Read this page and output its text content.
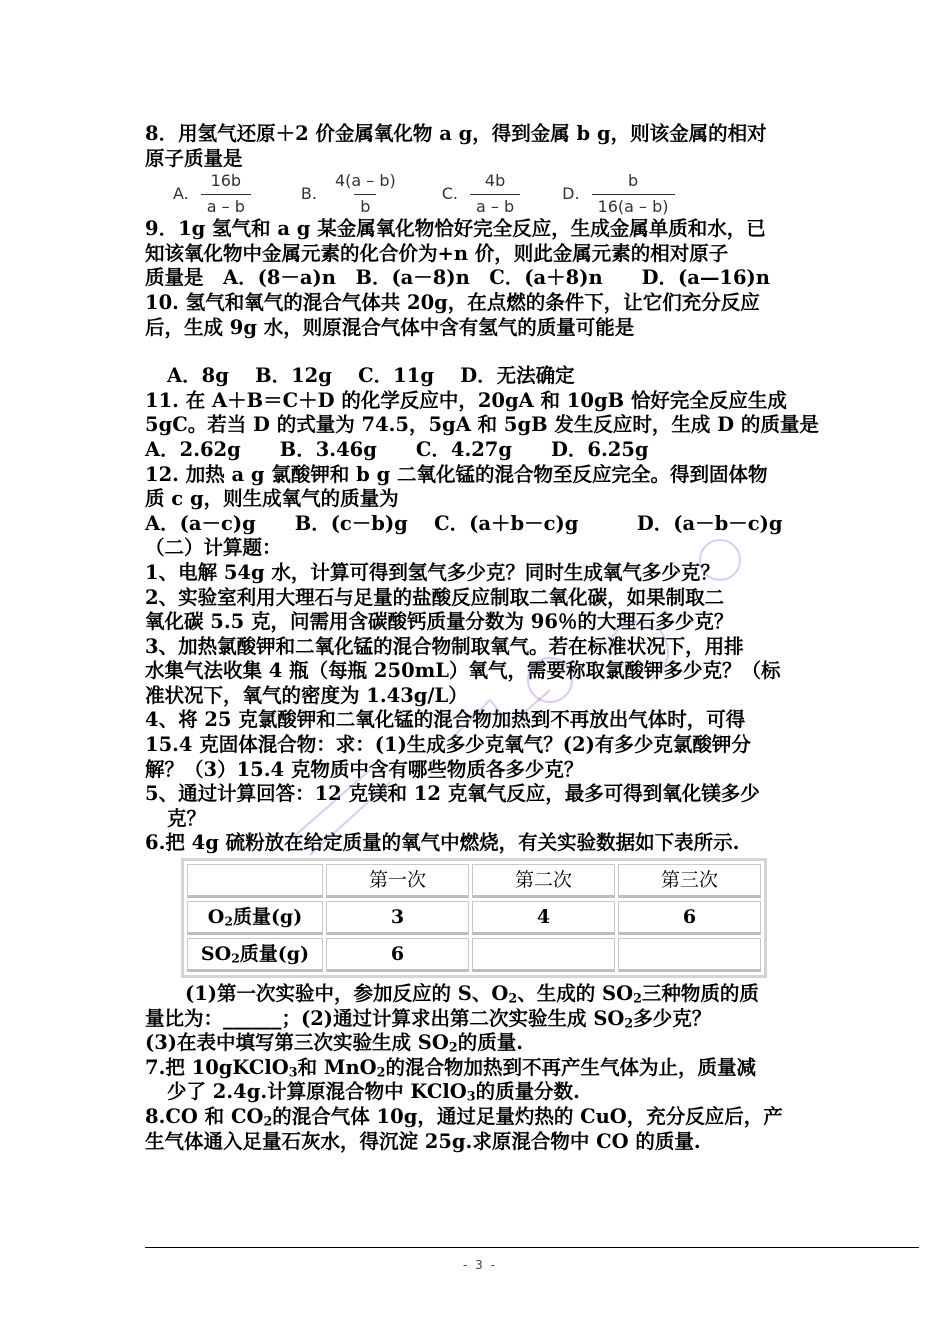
8．用氢气还原＋2 价金属氧化物 a g，得到金属 b g，则该金属的相对

原子质量是

A. $\frac{16b}{a - b}$	B. $\frac{4(a - b)}{b}$	C. $\frac{4b}{a - b}$	D. $\frac{b}{16(a - b)}$

9．1g 氢气和 a g 某金属氧化物恰好完全反应，生成金属单质和水，已

知该氧化物中金属元素的化合价为+n 价，则此金属元素的相对原子

质量是　A．(8－a)n　B．(a－8)n　C．(a＋8)n　　D．(a—16)n

10. 氢气和氧气的混合气体共 20g，在点燃的条件下，让它们充分反应

后，生成 9g 水，则原混合气体中含有氢气的质量可能是

A．8g　 B．12g　 C．11g　 D．无法确定

11. 在 A＋B＝C＋D 的化学反应中，20gA 和 10gB 恰好完全反应生成

5gC。若当 D 的式量为 74.5，5gA 和 5gB 发生反应时，生成 D 的质量是

A．2.62g　　B．3.46g　　C．4.27g　　D．6.25g

12. 加热 a g 氯酸钾和 b g 二氧化锰的混合物至反应完全。得到固体物

质 c g，则生成氧气的质量为

A．(a－c)g　　B．(c－b)g　 C．(a＋b－c)g　　　D．(a－b－c)g

（二）计算题：

1、电解 54g 水，计算可得到氢气多少克？同时生成氧气多少克？

2、实验室利用大理石与足量的盐酸反应制取二氧化碳，如果制取二

氧化碳 5.5 克，问需用含碳酸钙质量分数为 96％的大理石多少克？

3、加热氯酸钾和二氧化锰的混合物制取氧气。若在标准状况下，用排

水集气法收集 4 瓶（每瓶 250mL）氧气，需要称取氯酸钾多少克？（标

准状况下，氧气的密度为 1.43g/L）

4、将 25 克氯酸钾和二氧化锰的混合物加热到不再放出气体时，可得

15.4 克固体混合物：求：(1)生成多少克氧气？(2)有多少克氯酸钾分

解？（3）15.4 克物质中含有哪些物质各多少克？

5、通过计算回答：12 克镁和 12 克氧气反应，最多可得到氧化镁多少

克？

6.把 4g 硫粉放在给定质量的氧气中燃烧，有关实验数据如下表所示.

	第一次	第二次	第三次
$O_2$质量(g)	3	4	6
$SO_2$质量(g)	6		

(1)第一次实验中，参加反应的 S、$O_2$、生成的 $SO_2$三种物质的质

量比为：______；(2)通过计算求出第二次实验生成 $SO_2$多少克？

(3)在表中填写第三次实验生成 $SO_2$的质量.

7.把 10gKClO$_3$和 MnO$_2$的混合物加热到不再产生气体为止，质量减

少了 2.4g.计算原混合物中 KClO$_3$的质量分数.

8.CO 和 $CO_2$的混合气体 10g，通过足量灼热的 CuO，充分反应后，产

生气体通入足量石灰水，得沉淀 25g.求原混合物中 CO 的质量.

- 3 -
